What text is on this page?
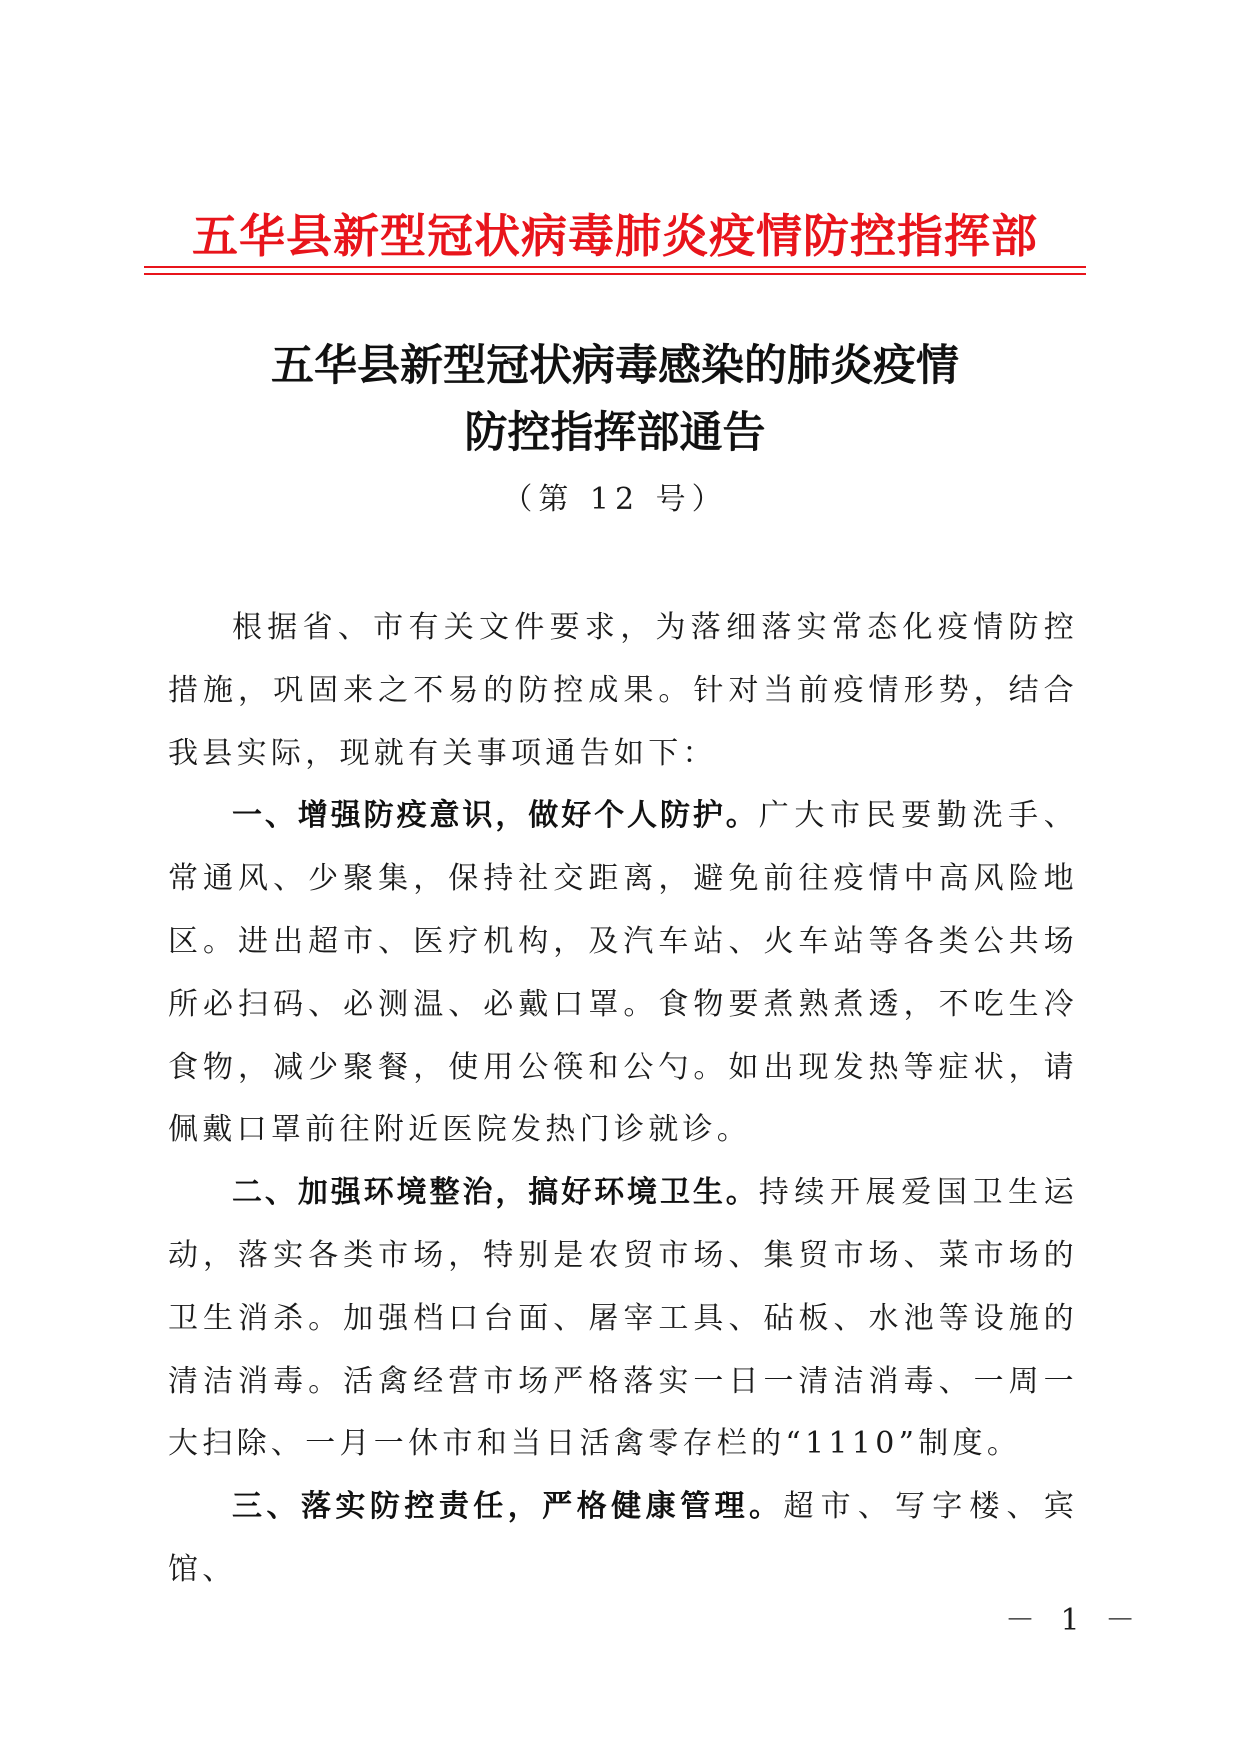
五华县新型冠状病毒肺炎疫情防控指挥部
五华县新型冠状病毒感染的肺炎疫情
防控指挥部通告
（第 12 号）

根据省、市有关文件要求，为落细落实常态化疫情防控措施，巩固来之不易的防控成果。针对当前疫情形势，结合我县实际，现就有关事项通告如下：

一、增强防疫意识，做好个人防护。广大市民要勤洗手、常通风、少聚集，保持社交距离，避免前往疫情中高风险地区。进出超市、医疗机构，及汽车站、火车站等各类公共场所必扫码、必测温、必戴口罩。食物要煮熟煮透，不吃生冷食物，减少聚餐，使用公筷和公勺。如出现发热等症状，请佩戴口罩前往附近医院发热门诊就诊。

二、加强环境整治，搞好环境卫生。持续开展爱国卫生运动，落实各类市场，特别是农贸市场、集贸市场、菜市场的卫生消杀。加强档口台面、屠宰工具、砧板、水池等设施的清洁消毒。活禽经营市场严格落实一日一清洁消毒、一周一大扫除、一月一休市和当日活禽零存栏的“1110”制度。

三、落实防控责任，严格健康管理。超市、写字楼、宾馆、

－ 1 －
